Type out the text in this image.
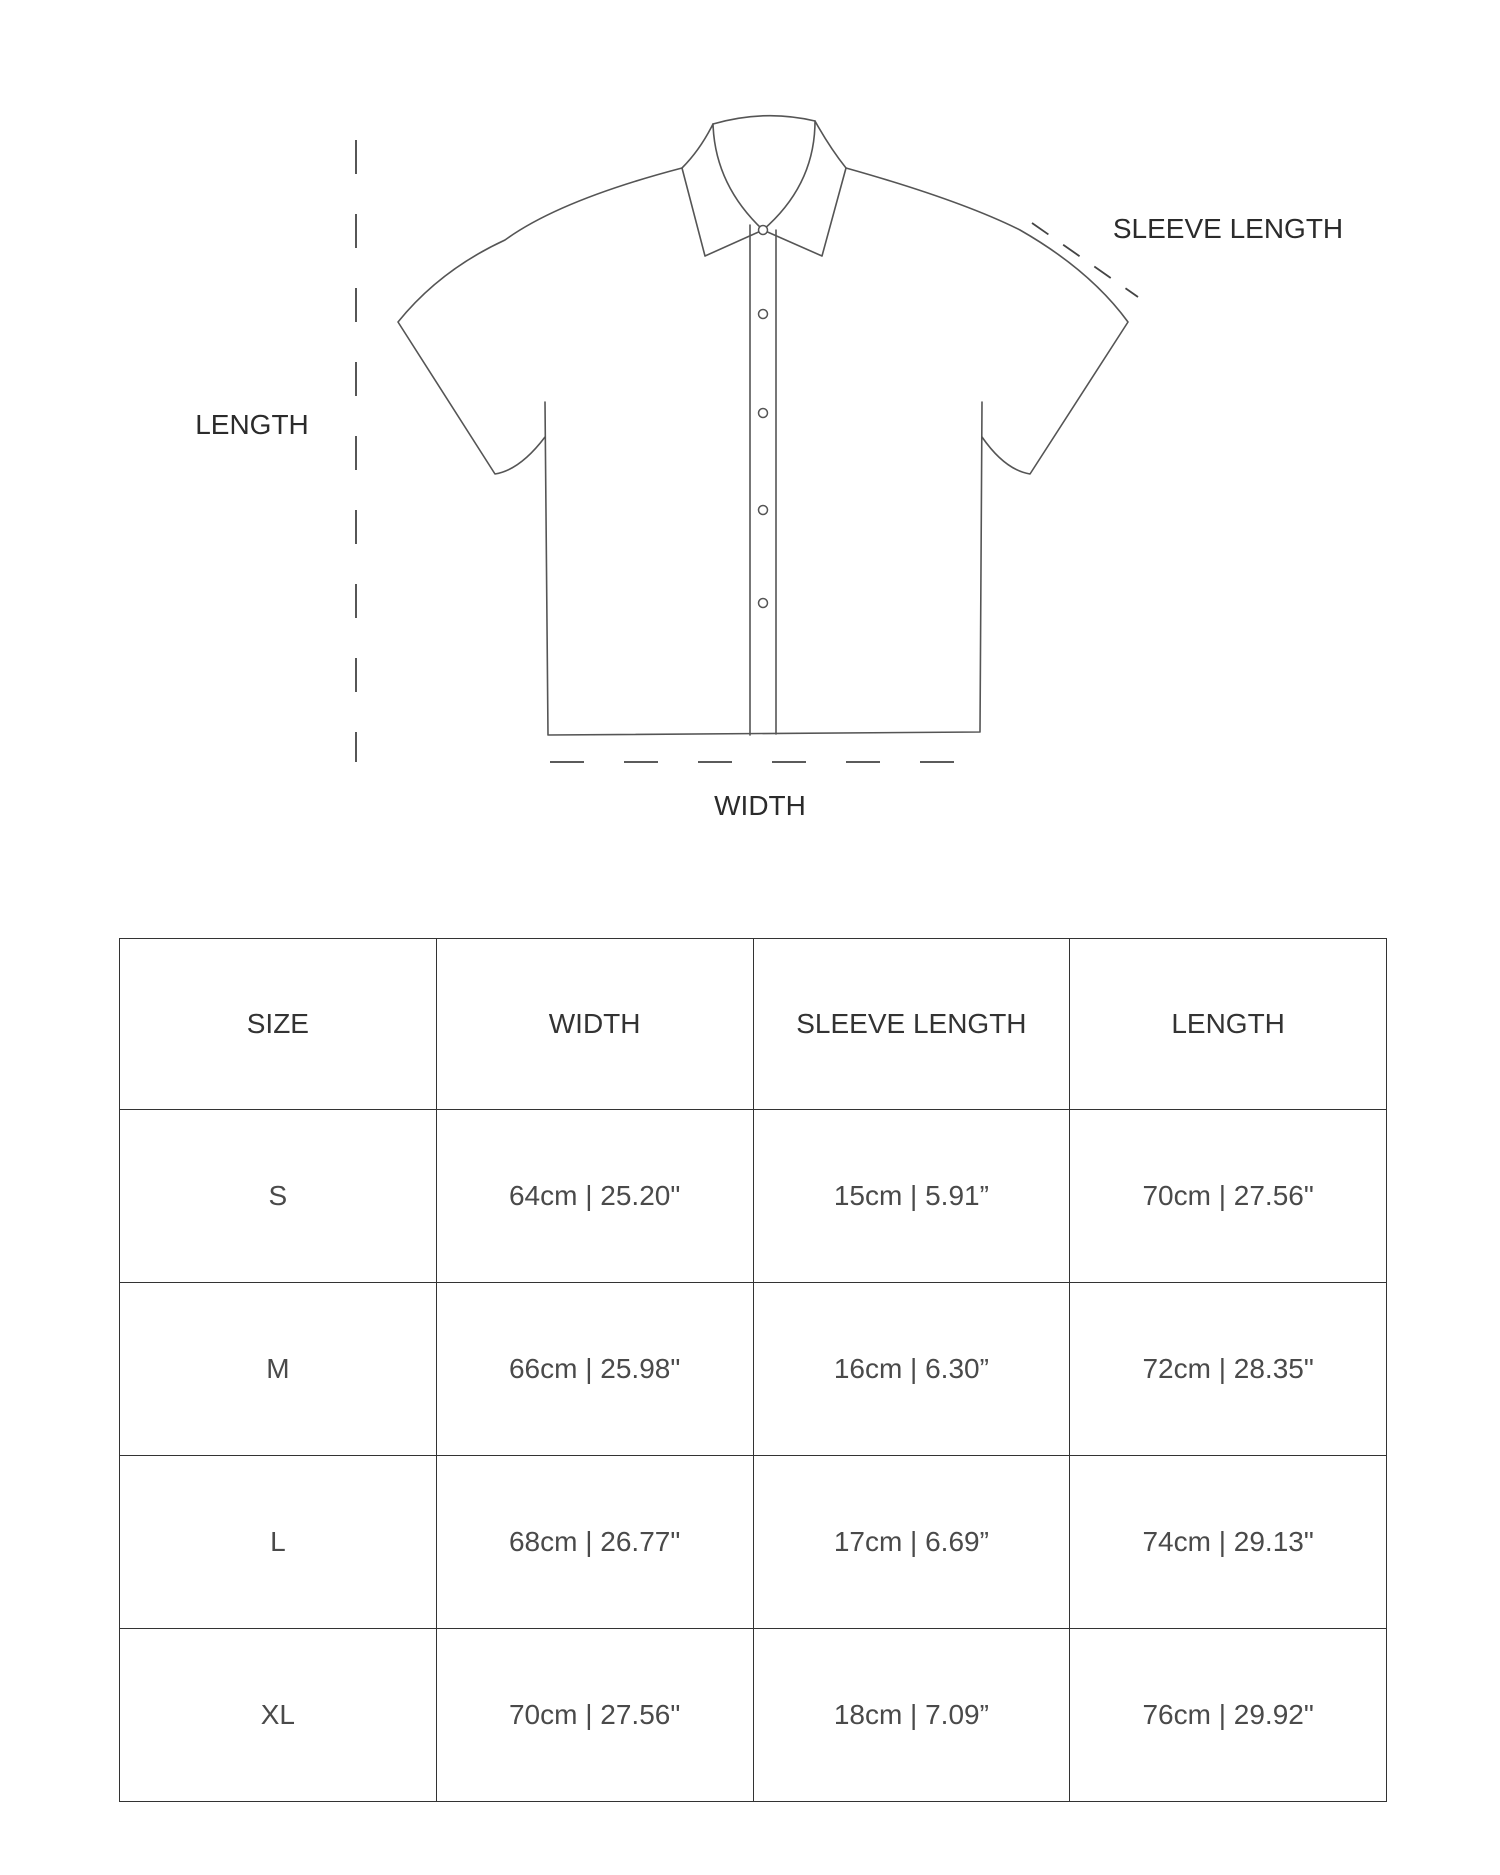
LENGTH
SLEEVE LENGTH
WIDTH
SIZE	WIDTH	SLEEVE LENGTH	LENGTH
S	64cm | 25.20"	15cm | 5.91”	70cm | 27.56"
M	66cm | 25.98"	16cm | 6.30”	72cm | 28.35"
L	68cm | 26.77"	17cm | 6.69”	74cm | 29.13"
XL	70cm | 27.56"	18cm | 7.09”	76cm | 29.92"
